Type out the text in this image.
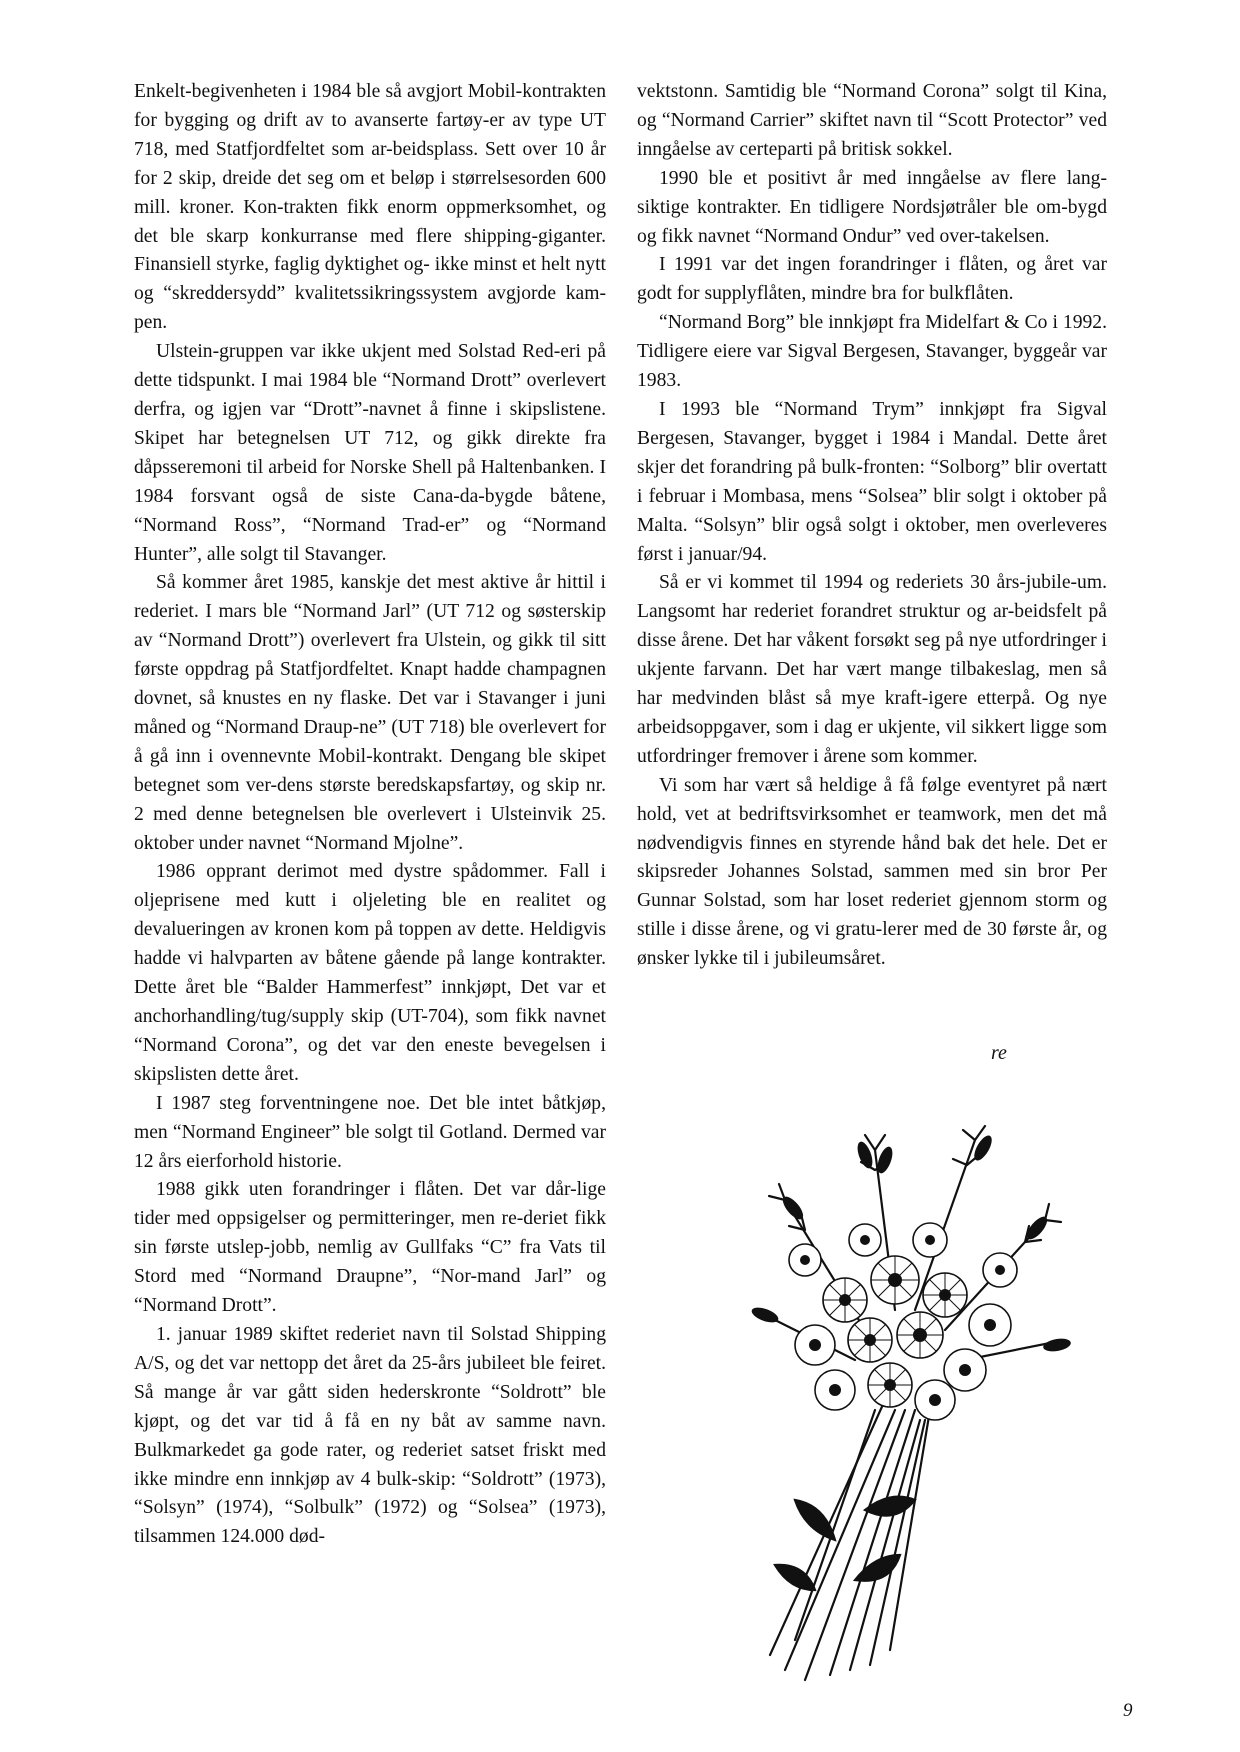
Enkelt-begivenheten i 1984 ble så avgjort Mobil-kontrakten for bygging og drift av to avanserte fartøy-er av type UT 718, med Statfjordfeltet som ar-beidsplass. Sett over 10 år for 2 skip, dreide det seg om et beløp i størrelsesorden 600 mill. kroner. Kon-trakten fikk enorm oppmerksomhet, og det ble skarp konkurranse med flere shipping-giganter. Finansiell styrke, faglig dyktighet og- ikke minst et helt nytt og “skreddersydd” kvalitetssikringssystem avgjorde kam-pen.

Ulstein-gruppen var ikke ukjent med Solstad Red-eri på dette tidspunkt. I mai 1984 ble “Normand Drott” overlevert derfra, og igjen var “Drott”-navnet å finne i skipslistene. Skipet har betegnelsen UT 712, og gikk direkte fra dåpsseremoni til arbeid for Norske Shell på Haltenbanken. I 1984 forsvant også de siste Cana-da-bygde båtene, “Normand Ross”, “Normand Trad-er” og “Normand Hunter”, alle solgt til Stavanger.

Så kommer året 1985, kanskje det mest aktive år hittil i rederiet. I mars ble “Normand Jarl” (UT 712 og søsterskip av “Normand Drott”) overlevert fra Ulstein, og gikk til sitt første oppdrag på Statfjordfeltet. Knapt hadde champagnen dovnet, så knustes en ny flaske. Det var i Stavanger i juni måned og “Normand Draup-ne” (UT 718) ble overlevert for å gå inn i ovennevnte Mobil-kontrakt. Dengang ble skipet betegnet som ver-dens største beredskapsfartøy, og skip nr. 2 med denne betegnelsen ble overlevert i Ulsteinvik 25. oktober under navnet “Normand Mjolne”.

1986 opprant derimot med dystre spådommer. Fall i oljeprisene med kutt i oljeleting ble en realitet og devalueringen av kronen kom på toppen av dette. Heldigvis hadde vi halvparten av båtene gående på lange kontrakter. Dette året ble “Balder Hammerfest” innkjøpt, Det var et anchorhandling/tug/supply skip (UT-704), som fikk navnet “Normand Corona”, og det var den eneste bevegelsen i skipslisten dette året.

I 1987 steg forventningene noe. Det ble intet båtkjøp, men “Normand Engineer” ble solgt til Gotland. Dermed var 12 års eierforhold historie.

1988 gikk uten forandringer i flåten. Det var dår-lige tider med oppsigelser og permitteringer, men re-deriet fikk sin første utslep-jobb, nemlig av Gullfaks “C” fra Vats til Stord med “Normand Draupne”, “Nor-mand Jarl” og “Normand Drott”.

1. januar 1989 skiftet rederiet navn til Solstad Shipping A/S, og det var nettopp det året da 25-års jubileet ble feiret. Så mange år var gått siden hederskronte “Soldrott” ble kjøpt, og det var tid å få en ny båt av samme navn. Bulkmarkedet ga gode rater, og rederiet satset friskt med ikke mindre enn innkjøp av 4 bulk-skip: “Soldrott” (1973), “Solsyn” (1974), “Solbulk” (1972) og “Solsea” (1973), tilsammen 124.000 død-

vektstonn. Samtidig ble “Normand Corona” solgt til Kina, og “Normand Carrier” skiftet navn til “Scott Protector” ved inngåelse av certeparti på britisk sokkel.

1990 ble et positivt år med inngåelse av flere lang-siktige kontrakter. En tidligere Nordsjøtråler ble om-bygd og fikk navnet “Normand Ondur” ved over-takelsen.

I 1991 var det ingen forandringer i flåten, og året var godt for supplyflåten, mindre bra for bulkflåten.

“Normand Borg” ble innkjøpt fra Midelfart & Co i 1992. Tidligere eiere var Sigval Bergesen, Stavanger, byggeår var 1983.

I 1993 ble “Normand Trym” innkjøpt fra Sigval Bergesen, Stavanger, bygget i 1984 i Mandal. Dette året skjer det forandring på bulk-fronten: “Solborg” blir overtatt i februar i Mombasa, mens “Solsea” blir solgt i oktober på Malta. “Solsyn” blir også solgt i oktober, men overleveres først i januar/94.

Så er vi kommet til 1994 og rederiets 30 års-jubile-um. Langsomt har rederiet forandret struktur og ar-beidsfelt på disse årene. Det har våkent forsøkt seg på nye utfordringer i ukjente farvann. Det har vært mange tilbakeslag, men så har medvinden blåst så mye kraft-igere etterpå. Og nye arbeidsoppgaver, som i dag er ukjente, vil sikkert ligge som utfordringer fremover i årene som kommer.

Vi som har vært så heldige å få følge eventyret på nært hold, vet at bedriftsvirksomhet er teamwork, men det må nødvendigvis finnes en styrende hånd bak det hele. Det er skipsreder Johannes Solstad, sammen med sin bror Per Gunnar Solstad, som har loset rederiet gjennom storm og stille i disse årene, og vi gratu-lerer med de 30 første år, og ønsker lykke til i jubileumsåret.

re
9
